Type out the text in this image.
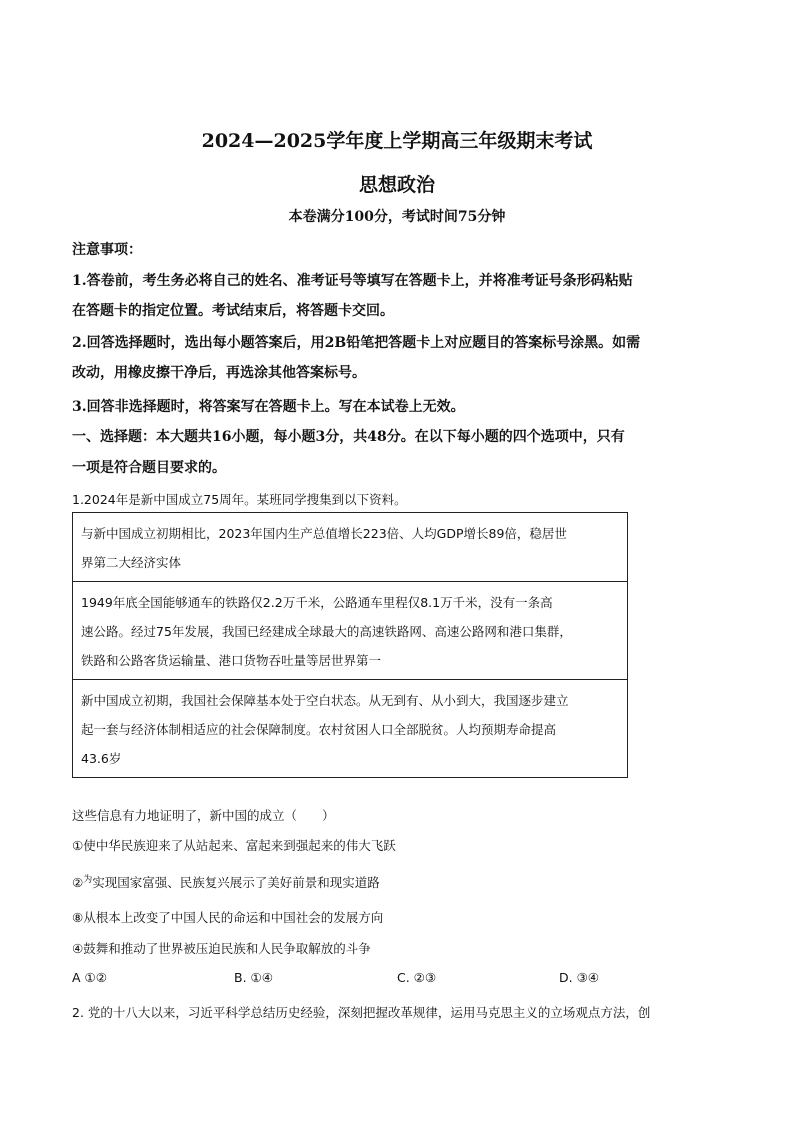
2024—2025学年度上学期高三年级期末考试
思想政治
本卷满分100分，考试时间75分钟
注意事项：
1.答卷前，考生务必将自己的姓名、准考证号等填写在答题卡上，并将准考证号条形码粘贴
在答题卡的指定位置。考试结束后，将答题卡交回。
2.回答选择题时，选出每小题答案后，用2B铅笔把答题卡上对应题目的答案标号涂黑。如需
改动，用橡皮擦干净后，再选涂其他答案标号。
3.回答非选择题时，将答案写在答题卡上。写在本试卷上无效。
一、选择题：本大题共16小题，每小题3分，共48分。在以下每小题的四个选项中，只有
一项是符合题目要求的。
1.2024年是新中国成立75周年。某班同学搜集到以下资料。
与新中国成立初期相比，2023年国内生产总值增长223倍、人均GDP增长89倍，稳居世
界第二大经济实体
1949年底全国能够通车的铁路仅2.2万千米，公路通车里程仅8.1万千米，没有一条高
速公路。经过75年发展，我国已经建成全球最大的高速铁路网、高速公路网和港口集群，
铁路和公路客货运输量、港口货物吞吐量等居世界第一
新中国成立初期，我国社会保障基本处于空白状态。从无到有、从小到大，我国逐步建立
起一套与经济体制相适应的社会保障制度。农村贫困人口全部脱贫。人均预期寿命提高
43.6岁
这些信息有力地证明了，新中国的成立（　　）
①使中华民族迎来了从站起来、富起来到强起来的伟大飞跃
②$^为$实现国家富强、民族复兴展示了美好前景和现实道路
⑧从根本上改变了中国人民的命运和中国社会的发展方向
④鼓舞和推动了世界被压迫民族和人民争取解放的斗争
A ①②	B. ①④	C. ②③	D. ③④
2. 党的十八大以来，习近平科学总结历史经验，深刻把握改革规律，运用马克思主义的立场观点方法，创
